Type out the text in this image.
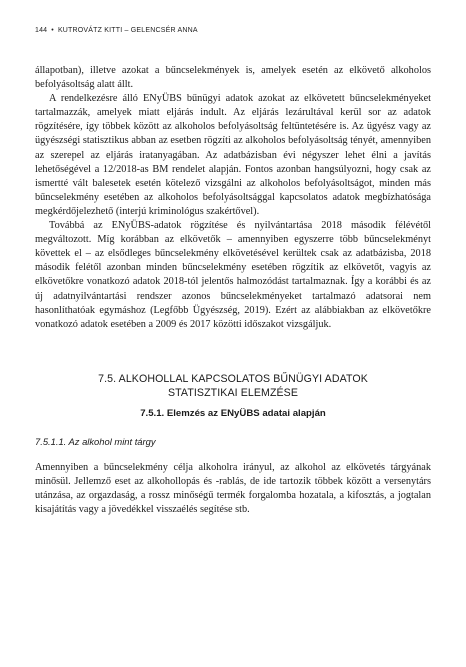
144 • KUTROVÁTZ KITTI – GELENCSÉR ANNA

állapotban), illetve azokat a bűncselekmények is, amelyek esetén az elkövető alkoholos befolyásoltság alatt állt.

A rendelkezésre álló ENyÜBS bűnügyi adatok azokat az elkövetett bűncselekményeket tartalmazzák, amelyek miatt eljárás indult. Az eljárás lezárultával kerül sor az adatok rögzítésére, így többek között az alkoholos befolyásoltság feltüntetésére is. Az ügyész vagy az ügyészségi statisztikus abban az esetben rögzíti az alkoholos befolyásoltság tényét, amennyiben az szerepel az eljárás iratanyagában. Az adatbázisban évi négyszer lehet élni a javítás lehetőségével a 12/2018-as BM rendelet alapján. Fontos azonban hangsúlyozni, hogy csak az ismertté vált balesetek esetén kötelező vizsgálni az alkoholos befolyásoltságot, minden más bűncselekmény esetében az alkoholos befolyásoltsággal kapcsolatos adatok megbízhatósága megkérdőjelezhető (interjú kriminológus szakértővel).

Továbbá az ENyÜBS-adatok rögzítése és nyilvántartása 2018 második félévétől megváltozott. Míg korábban az elkövetők – amennyiben egyszerre több bűncselekményt követtek el – az elsődleges bűncselekmény elkövetésével kerültek csak az adatbázisba, 2018 második felétől azonban minden bűncselekmény esetében rögzítik az elkövetőt, vagyis az elkövetőkre vonatkozó adatok 2018-tól jelentős halmozódást tartalmaznak. Így a korábbi és az új adatnyilvántartási rendszer azonos bűncselekményeket tartalmazó adatsorai nem hasonlíthatóak egymáshoz (Legfőbb Ügyészség, 2019). Ezért az alábbiakban az elkövetőkre vonatkozó adatok esetében a 2009 és 2017 közötti időszakot vizsgáljuk.

7.5. ALKOHOLLAL KAPCSOLATOS BŰNÜGYI ADATOK
STATISZTIKAI ELEMZÉSE
7.5.1. Elemzés az ENyÜBS adatai alapján
7.5.1.1. Az alkohol mint tárgy

Amennyiben a bűncselekmény célja alkoholra irányul, az alkohol az elkövetés tárgyának minősül. Jellemző eset az alkohollopás és -rablás, de ide tartozik többek között a versenytárs utánzása, az orgazdaság, a rossz minőségű termék forgalomba hozatala, a kifosztás, a jogtalan kisajátítás vagy a jövedékkel visszaélés segítése stb.
